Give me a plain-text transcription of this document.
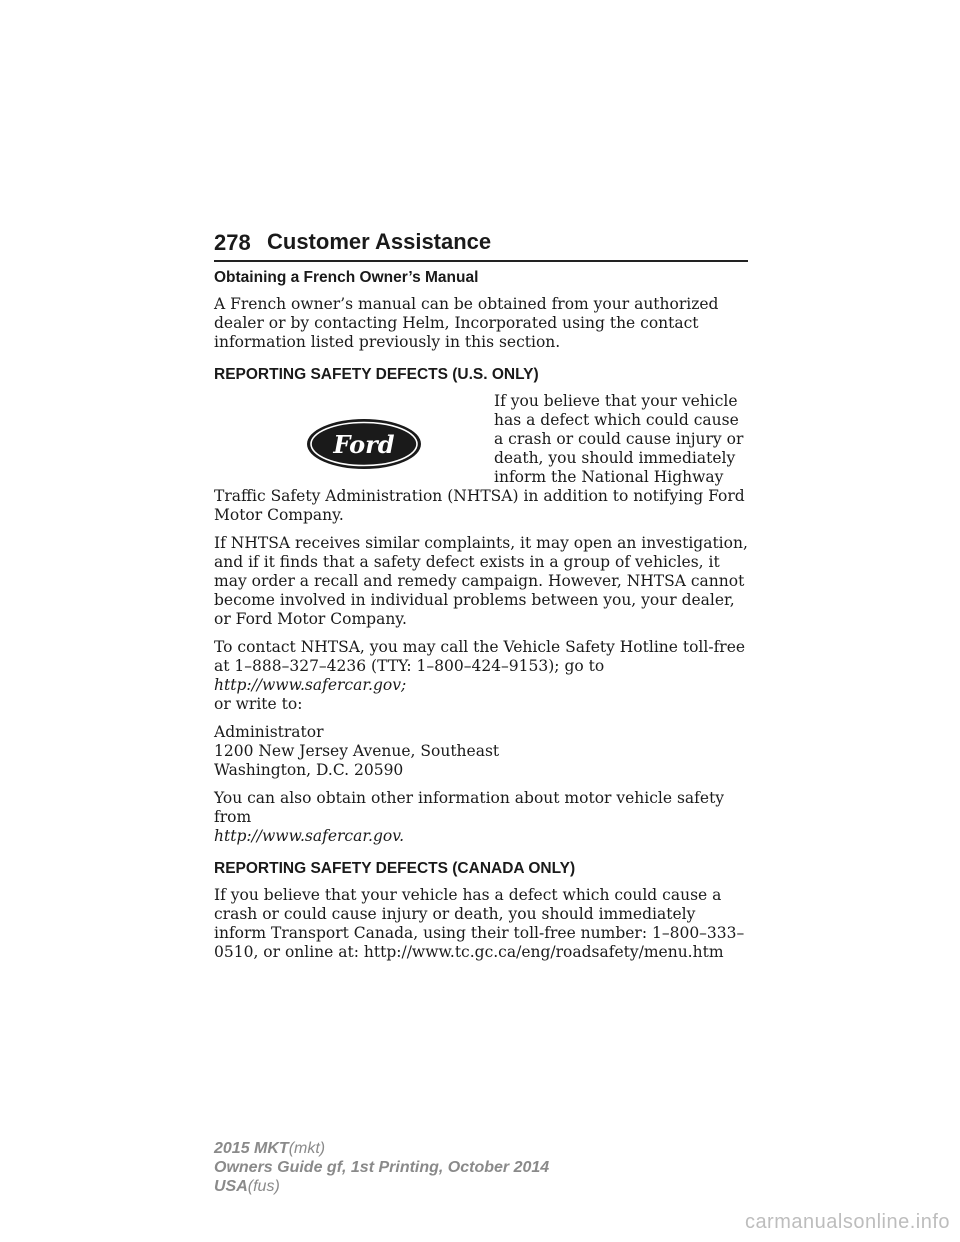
278 Customer Assistance
Obtaining a French Owner’s Manual

A French owner’s manual can be obtained from your authorized dealer or by contacting Helm, Incorporated using the contact information listed previously in this section.

REPORTING SAFETY DEFECTS (U.S. ONLY)
Ford

If you believe that your vehicle has a defect which could cause a crash or could cause injury or death, you should immediately inform the National Highway Traffic Safety Administration (NHTSA) in addition to notifying Ford Motor Company.

If NHTSA receives similar complaints, it may open an investigation, and if it finds that a safety defect exists in a group of vehicles, it may order a recall and remedy campaign. However, NHTSA cannot become involved in individual problems between you, your dealer, or Ford Motor Company.

To contact NHTSA, you may call the Vehicle Safety Hotline toll-free at 1–888–327–4236 (TTY: 1–800–424–9153); go to http://www.safercar.gov;
or write to:

Administrator
1200 New Jersey Avenue, Southeast
Washington, D.C. 20590

You can also obtain other information about motor vehicle safety from
http://www.safercar.gov.

REPORTING SAFETY DEFECTS (CANADA ONLY)

If you believe that your vehicle has a defect which could cause a crash or could cause injury or death, you should immediately inform Transport Canada, using their toll-free number: 1–800–333–0510, or online at: http://www.tc.gc.ca/eng/roadsafety/menu.htm

2015 MKT(mkt)
Owners Guide gf, 1st Printing, October 2014
USA(fus)
carmanualsonline.info
